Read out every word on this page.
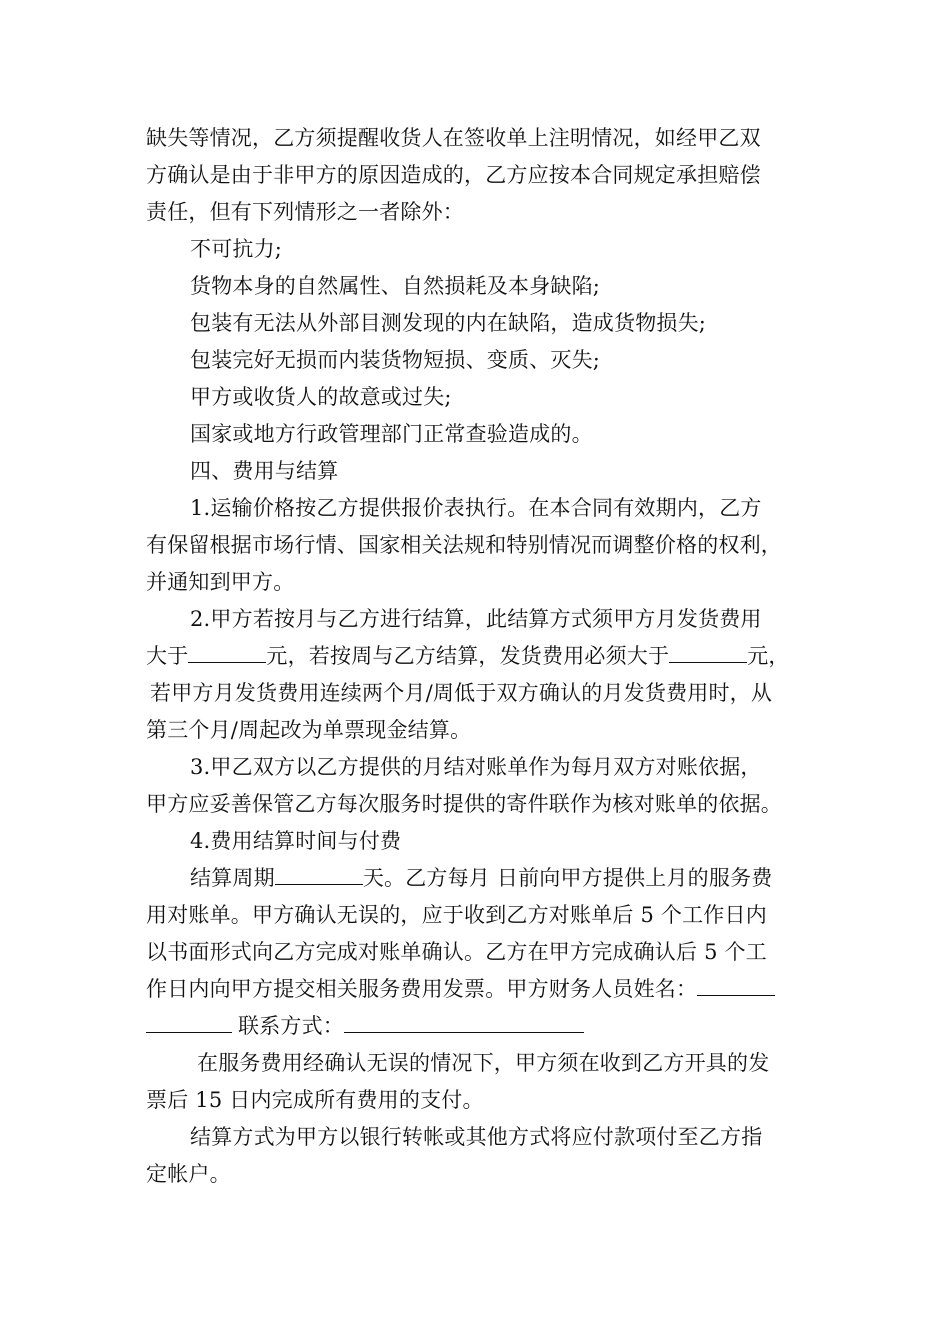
缺失等情况，乙方须提醒收货人在签收单上注明情况，如经甲乙双
方确认是由于非甲方的原因造成的，乙方应按本合同规定承担赔偿
责任，但有下列情形之一者除外：
不可抗力;
货物本身的自然属性、自然损耗及本身缺陷;
包装有无法从外部目测发现的内在缺陷，造成货物损失;
包装完好无损而内装货物短损、变质、灭失;
甲方或收货人的故意或过失;
国家或地方行政管理部门正常查验造成的。
四、费用与结算
1.运输价格按乙方提供报价表执行。在本合同有效期内，乙方
有保留根据市场行情、国家相关法规和特别情况而调整价格的权利，
并通知到甲方。
2.甲方若按月与乙方进行结算，此结算方式须甲方月发货费用
大于	元，若按周与乙方结算，发货费用必须大于	元，
若甲方月发货费用连续两个月/周低于双方确认的月发货费用时，从
第三个月/周起改为单票现金结算。
3.甲乙双方以乙方提供的月结对账单作为每月双方对账依据，
甲方应妥善保管乙方每次服务时提供的寄件联作为核对账单的依据。
4.费用结算时间与付费
结算周期	天。乙方每月 日前向甲方提供上月的服务费
用对账单。甲方确认无误的，应于收到乙方对账单后 5 个工作日内
以书面形式向乙方完成对账单确认。乙方在甲方完成确认后 5 个工
作日内向甲方提交相关服务费用发票。甲方财务人员姓名：
联系方式：
在服务费用经确认无误的情况下，甲方须在收到乙方开具的发
票后 15 日内完成所有费用的支付。
结算方式为甲方以银行转帐或其他方式将应付款项付至乙方指
定帐户。
